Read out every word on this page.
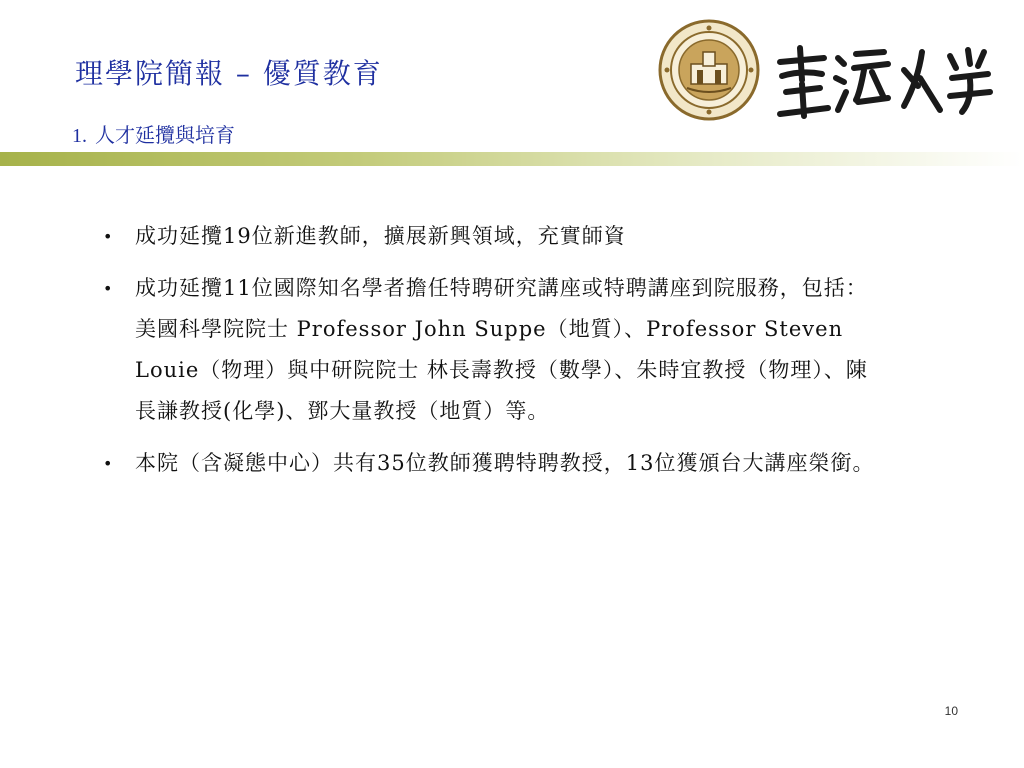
理學院簡報 – 優質教育
1. 人才延攬與培育
•	成功延攬19位新進教師，擴展新興領域，充實師資
•	成功延攬11位國際知名學者擔任特聘研究講座或特聘講座到院服務，包括：美國科學院院士 Professor John Suppe（地質）、Professor Steven Louie（物理）與中研院院士 林長壽教授（數學）、朱時宜教授（物理）、陳長謙教授(化學)、鄧大量教授（地質）等。
•	本院（含凝態中心）共有35位教師獲聘特聘教授，13位獲頒台大講座榮銜。
10
